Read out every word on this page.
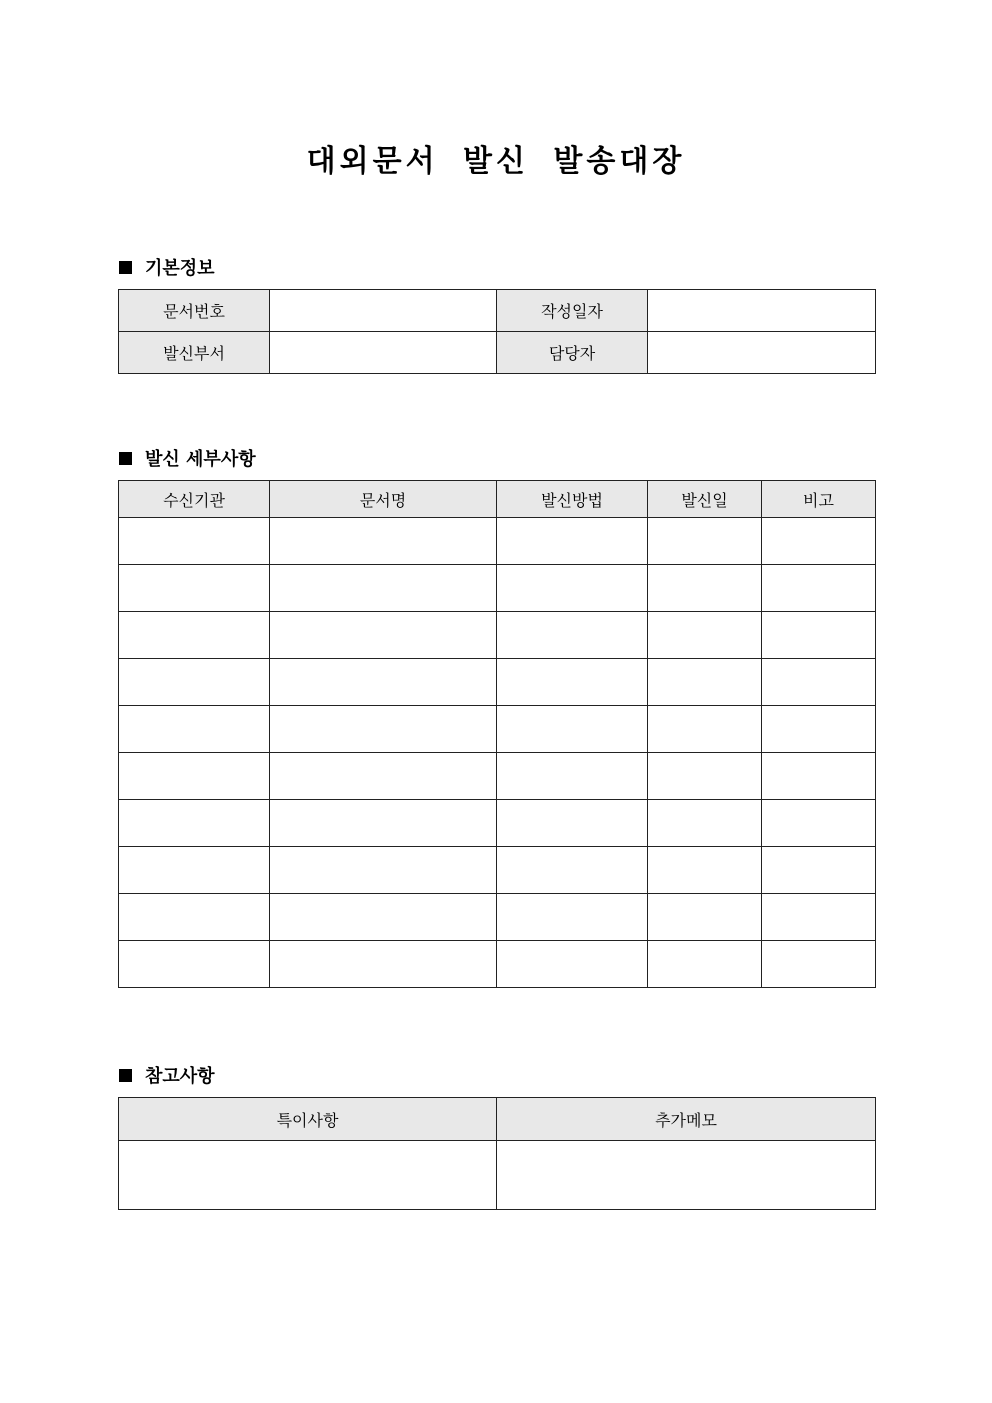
대외문서 발신 발송대장
기본정보
문서번호		작성일자	
발신부서		담당자	
발신 세부사항
수신기관	문서명	발신방법	발신일	비고

참고사항
특이사항	추가메모
